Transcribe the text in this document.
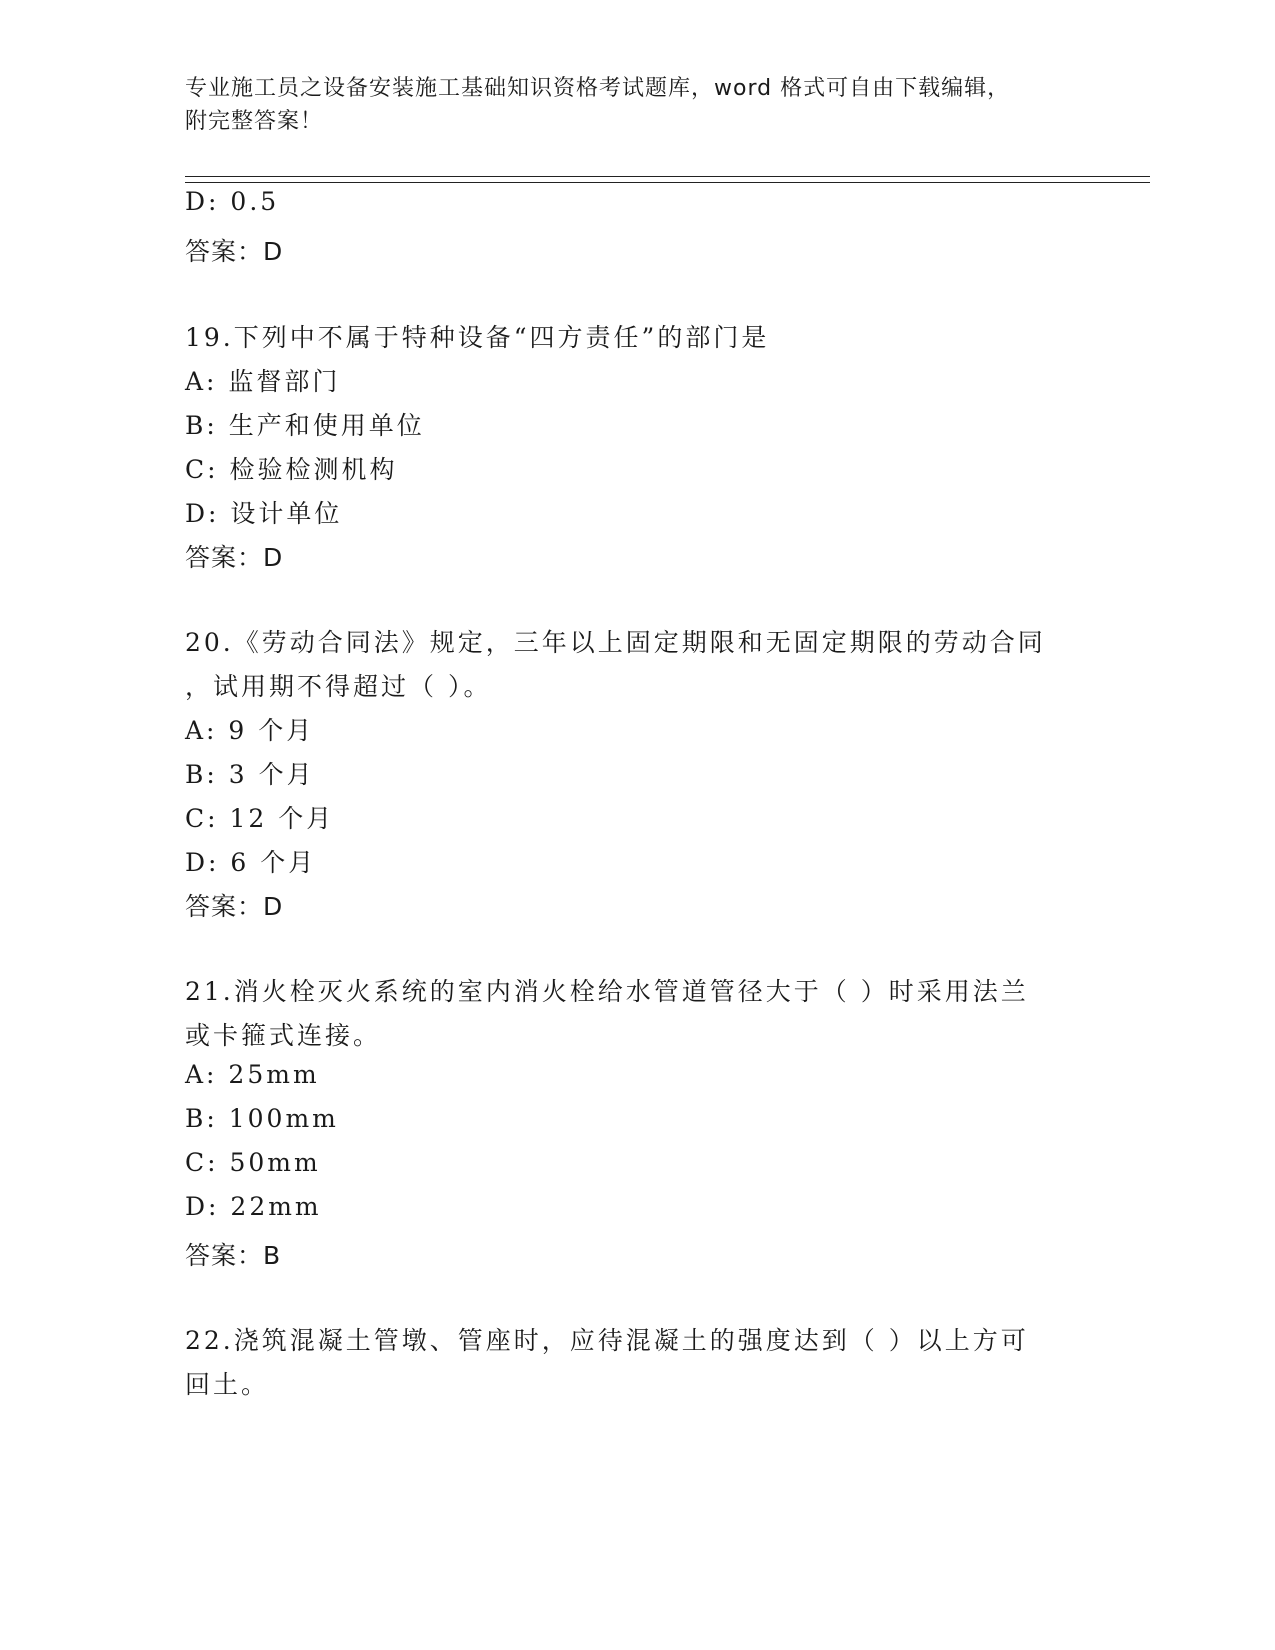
专业施工员之设备安装施工基础知识资格考试题库，word 格式可自由下载编辑，
附完整答案！
D: 0.5
答案：D
19.下列中不属于特种设备“四方责任”的部门是
A: 监督部门
B: 生产和使用单位
C: 检验检测机构
D: 设计单位
答案：D
20.《劳动合同法》规定，三年以上固定期限和无固定期限的劳动合同
，试用期不得超过（ ）。
A: 9 个月
B: 3 个月
C: 12 个月
D: 6 个月
答案：D
21.消火栓灭火系统的室内消火栓给水管道管径大于（ ）时采用法兰
或卡箍式连接。
A: 25mm
B: 100mm
C: 50mm
D: 22mm
答案：B
22.浇筑混凝土管墩、管座时，应待混凝土的强度达到（ ）以上方可
回土。
